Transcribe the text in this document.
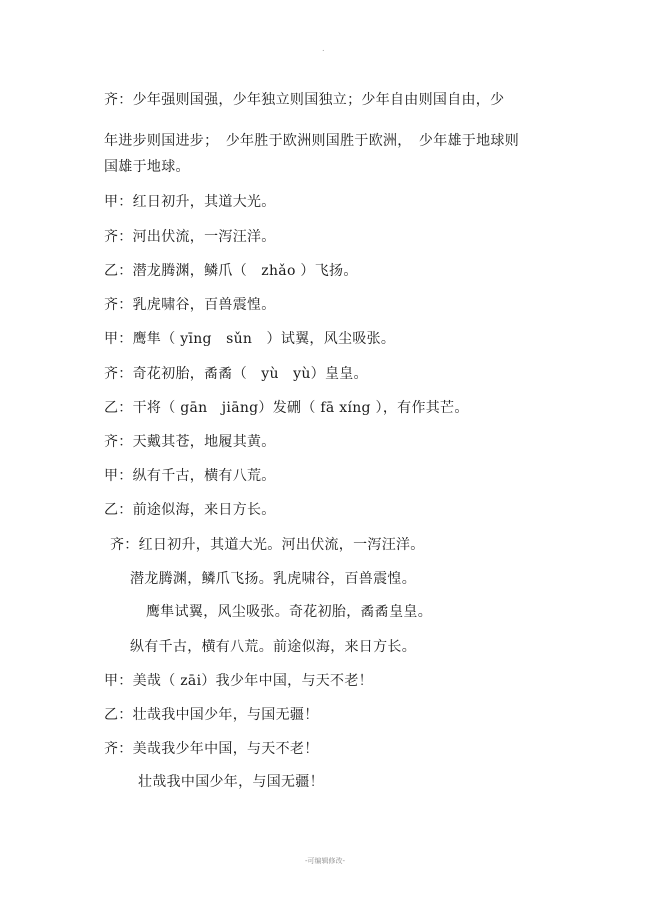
.
齐：少年强则国强，少年独立则国独立；少年自由则国自由，少
年进步则国进步；　少年胜于欧洲则国胜于欧洲，　少年雄于地球则
国雄于地球。
甲：红日初升，其道大光。
齐：河出伏流，一泻汪洋。
乙：潜龙腾渊，鳞爪（　zhǎo ）飞扬。
齐：乳虎啸谷，百兽震惶。
甲：鹰隼（ yīng　sǔn　）试翼，风尘吸张。
齐：奇花初胎，矞矞（　yù　yù）皇皇。
乙：干将（ gān　jiāng）发硎（ fā xíng ），有作其芒。
齐：天戴其苍，地履其黄。
甲：纵有千古，横有八荒。
乙：前途似海，来日方长。
齐：红日初升，其道大光。河出伏流，一泻汪洋。
潜龙腾渊，鳞爪飞扬。乳虎啸谷，百兽震惶。
鹰隼试翼，风尘吸张。奇花初胎，矞矞皇皇。
纵有千古，横有八荒。前途似海，来日方长。
甲：美哉（ zāi）我少年中国，与天不老！
乙：壮哉我中国少年，与国无疆！
齐：美哉我少年中国，与天不老！
壮哉我中国少年，与国无疆！
-可编辑修改-
